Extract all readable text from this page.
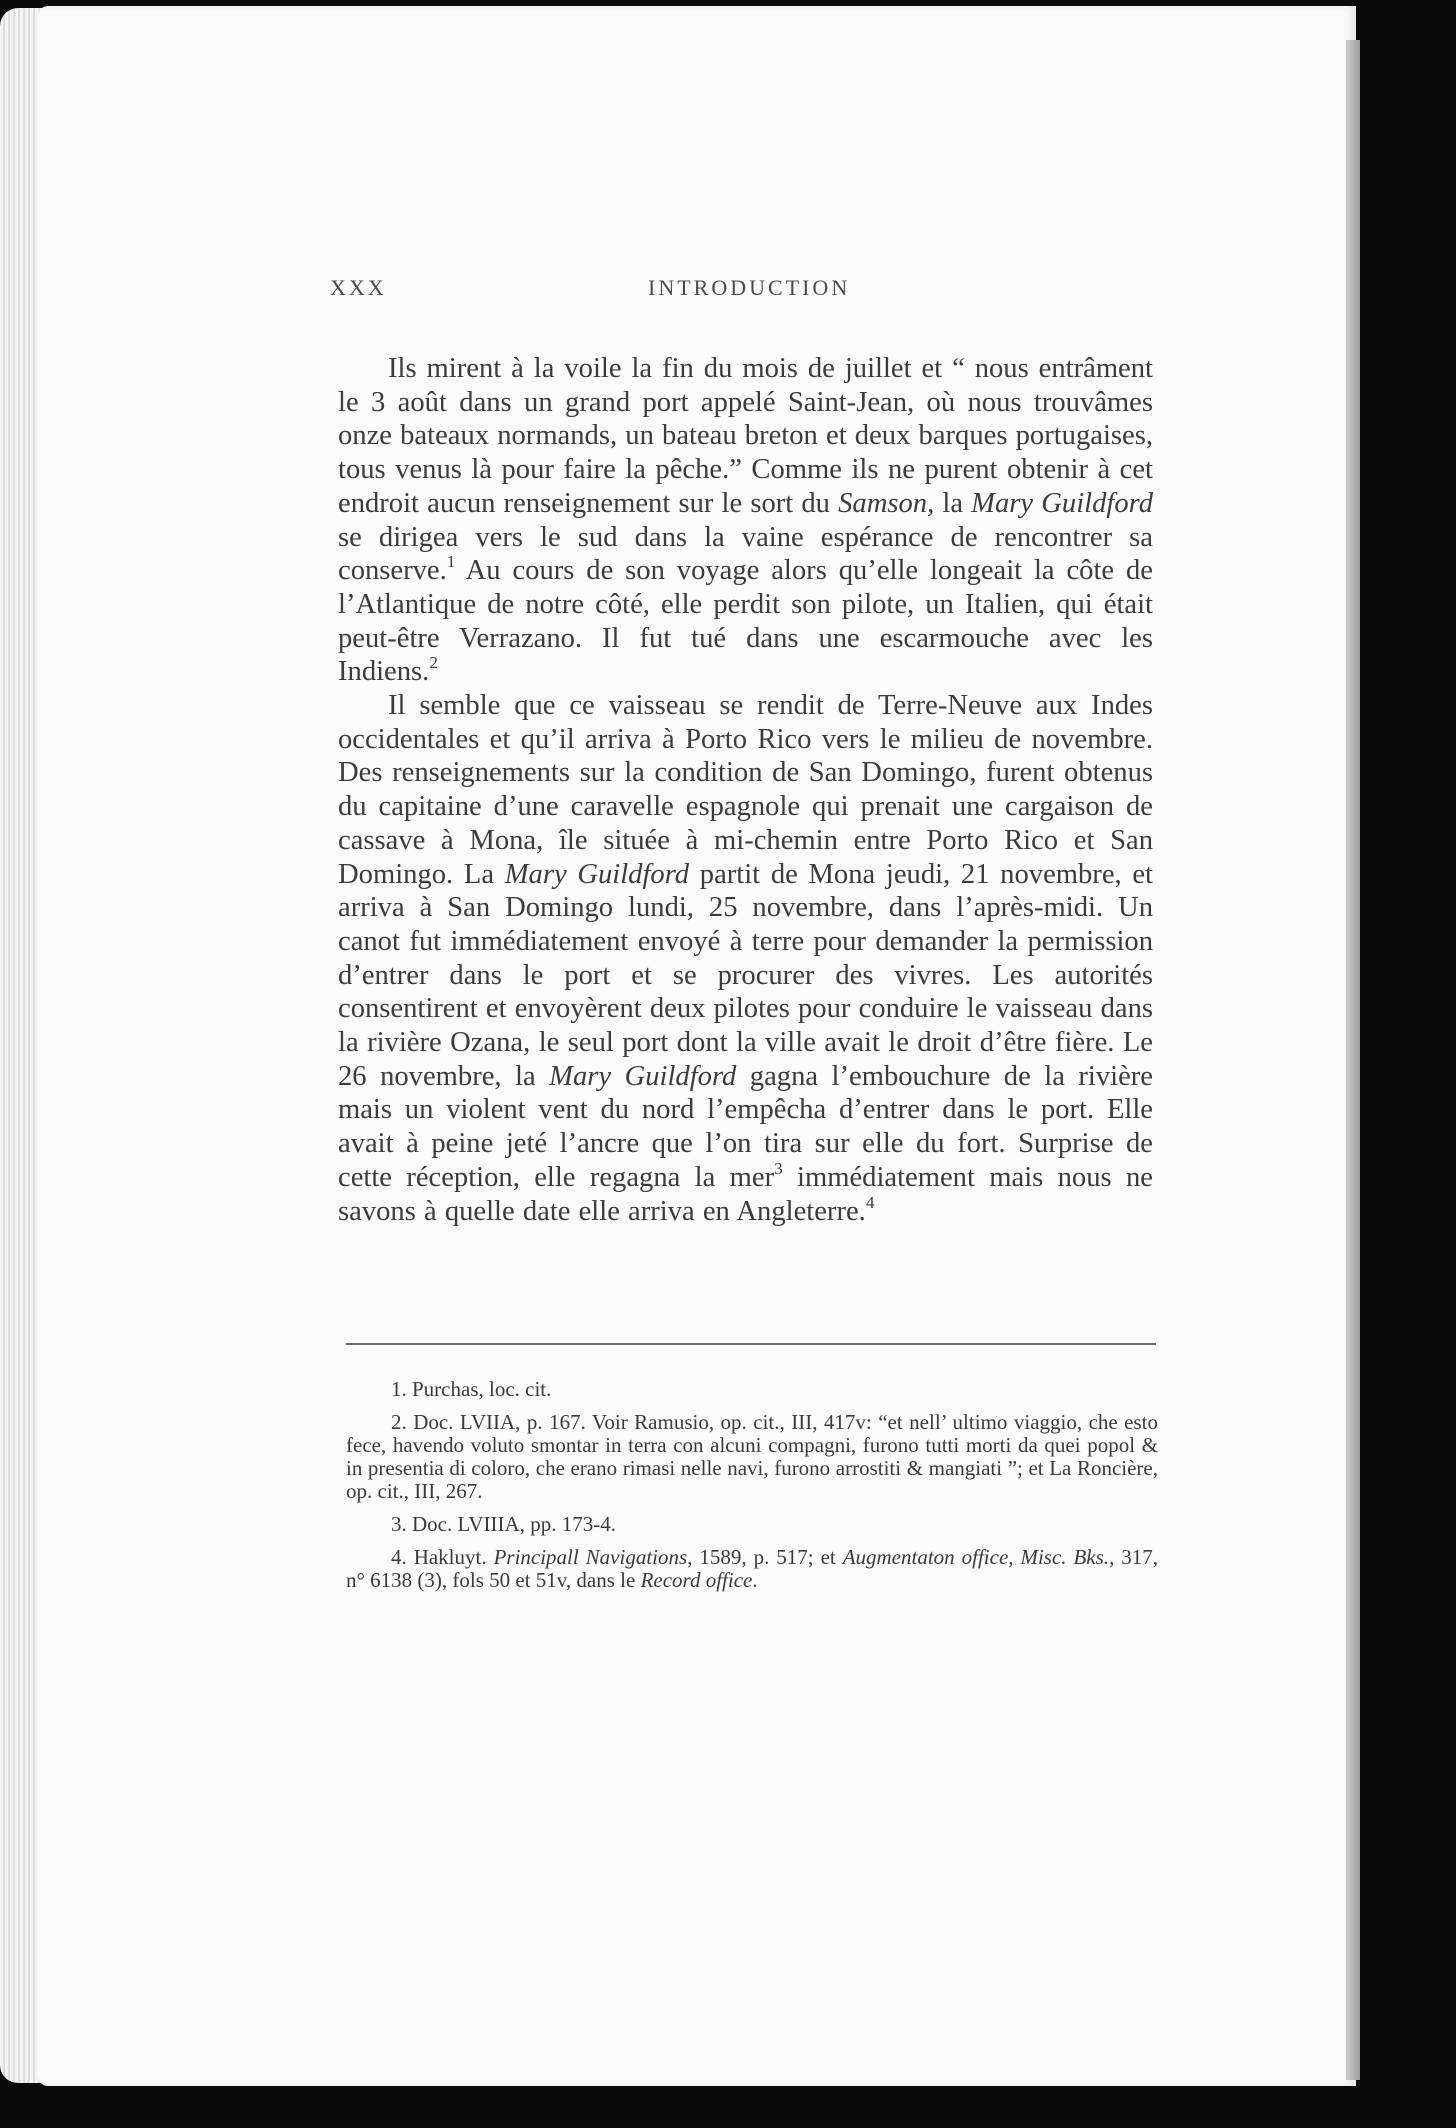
XXX	INTRODUCTION

Ils mirent à la voile la fin du mois de juillet et “ nous entrâment le 3 août dans un grand port appelé Saint-Jean, où nous trouvâmes onze bateaux normands, un bateau breton et deux barques portugaises, tous venus là pour faire la pêche.” Comme ils ne purent obtenir à cet endroit aucun renseignement sur le sort du Samson, la Mary Guildford se dirigea vers le sud dans la vaine espérance de rencontrer sa conserve.$^1$ Au cours de son voyage alors qu’elle longeait la côte de l’Atlantique de notre côté, elle perdit son pilote, un Italien, qui était peut-être Verrazano. Il fut tué dans une escarmouche avec les Indiens.$^2$

Il semble que ce vaisseau se rendit de Terre-Neuve aux Indes occidentales et qu’il arriva à Porto Rico vers le milieu de novembre. Des renseignements sur la condition de San Domingo, furent obtenus du capitaine d’une caravelle espagnole qui prenait une cargaison de cassave à Mona, île située à mi-chemin entre Porto Rico et San Domingo. La Mary Guildford partit de Mona jeudi, 21 novembre, et arriva à San Domingo lundi, 25 novembre, dans l’après-midi. Un canot fut immédiatement envoyé à terre pour demander la permission d’entrer dans le port et se procurer des vivres. Les autorités consentirent et envoyèrent deux pilotes pour conduire le vaisseau dans la rivière Ozana, le seul port dont la ville avait le droit d’être fière. Le 26 novembre, la Mary Guildford gagna l’embouchure de la rivière mais un violent vent du nord l’empêcha d’entrer dans le port. Elle avait à peine jeté l’ancre que l’on tira sur elle du fort. Surprise de cette réception, elle regagna la mer$^3$ immédiatement mais nous ne savons à quelle date elle arriva en Angleterre.$^4$

1. Purchas, loc. cit.

2. Doc. LVIIA, p. 167. Voir Ramusio, op. cit., III, 417v: “et nell’ ultimo viaggio, che esto fece, havendo voluto smontar in terra con alcuni compagni, furono tutti morti da quei popol & in presentia di coloro, che erano rimasi nelle navi, furono arrostiti & mangiati ”; et La Roncière, op. cit., III, 267.

3. Doc. LVIIIA, pp. 173-4.

4. Hakluyt. Principall Navigations, 1589, p. 517; et Augmentaton office, Misc. Bks., 317, n° 6138 (3), fols 50 et 51v, dans le Record office.
